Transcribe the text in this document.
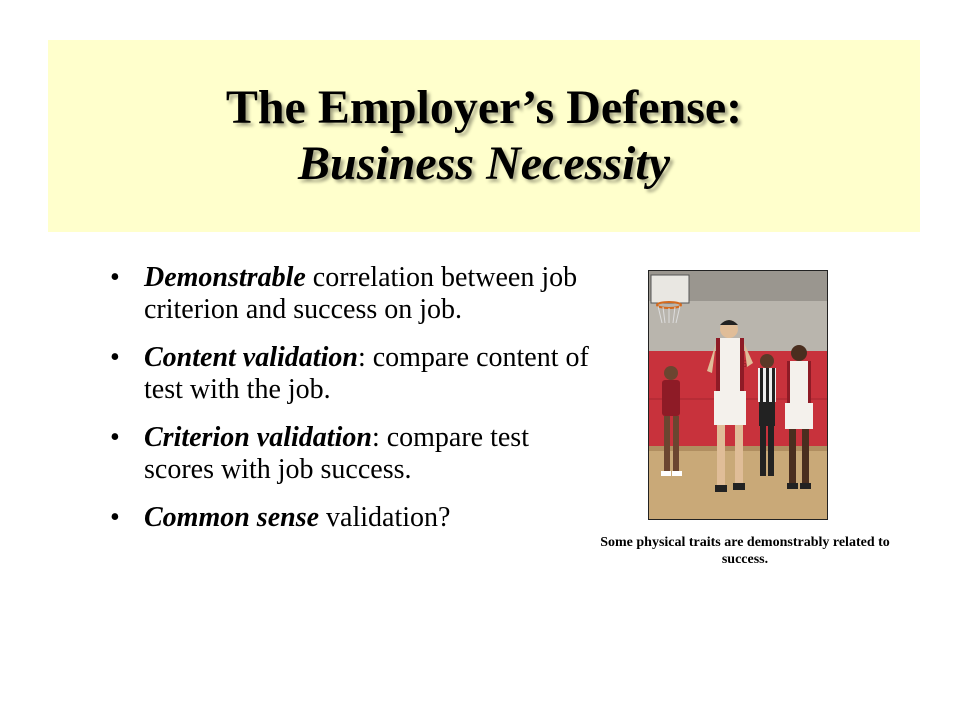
The Employer’s Defense:
Business Necessity
• Demonstrable correlation between job criterion and success on job.
• Content validation: compare content of test with the job.
• Criterion validation: compare test scores with job success.
• Common sense validation?
5
Some physical traits are demonstrably related to success.
